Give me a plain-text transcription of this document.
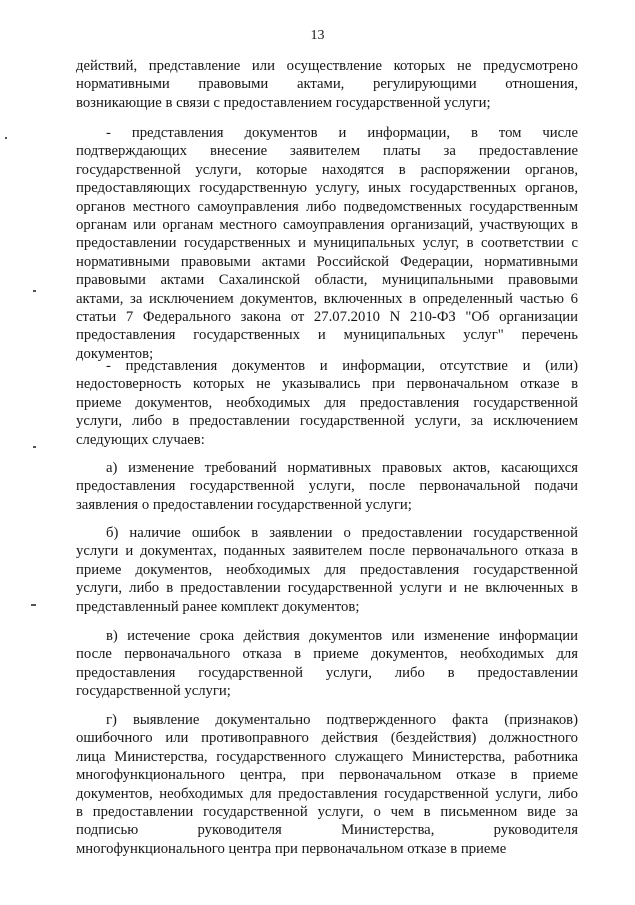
13
действий, представление или осуществление которых не предусмотрено
нормативными правовыми актами, регулирующими отношения,
возникающие в связи с предоставлением государственной услуги;
- представления документов и информации, в том числе
подтверждающих внесение заявителем платы за предоставление
государственной услуги, которые находятся в распоряжении органов,
предоставляющих государственную услугу, иных государственных органов,
органов местного самоуправления либо подведомственных государственным
органам или органам местного самоуправления организаций, участвующих в
предоставлении государственных и муниципальных услуг, в соответствии с
нормативными правовыми актами Российской Федерации, нормативными
правовыми актами Сахалинской области, муниципальными правовыми
актами, за исключением документов, включенных в определенный частью 6
статьи 7 Федерального закона от 27.07.2010 N 210-ФЗ "Об организации
предоставления государственных и муниципальных услуг" перечень
документов;
- представления документов и информации, отсутствие и (или)
недостоверность которых не указывались при первоначальном отказе в
приеме документов, необходимых для предоставления государственной
услуги, либо в предоставлении государственной услуги, за исключением
следующих случаев:
а) изменение требований нормативных правовых актов, касающихся
предоставления государственной услуги, после первоначальной подачи
заявления о предоставлении государственной услуги;
б) наличие ошибок в заявлении о предоставлении государственной
услуги и документах, поданных заявителем после первоначального отказа в
приеме документов, необходимых для предоставления государственной
услуги, либо в предоставлении государственной услуги и не включенных в
представленный ранее комплект документов;
в) истечение срока действия документов или изменение информации
после первоначального отказа в приеме документов, необходимых для
предоставления государственной услуги, либо в предоставлении
государственной услуги;
г) выявление документально подтвержденного факта (признаков)
ошибочного или противоправного действия (бездействия) должностного
лица Министерства, государственного служащего Министерства, работника
многофункционального центра, при первоначальном отказе в приеме
документов, необходимых для предоставления государственной услуги, либо
в предоставлении государственной услуги, о чем в письменном виде за
подписью руководителя Министерства, руководителя
многофункционального центра при первоначальном отказе в приеме
